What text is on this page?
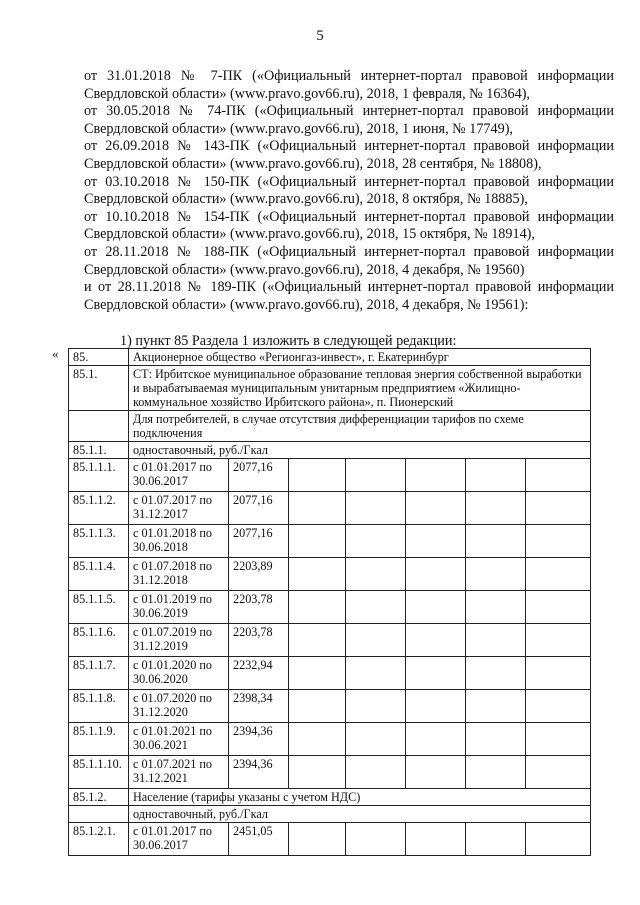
5

от 31.01.2018 № 7-ПК («Официальный интернет-портал правовой информации Свердловской области» (www.pravo.gov66.ru), 2018, 1 февраля, № 16364),

от 30.05.2018 № 74-ПК («Официальный интернет-портал правовой информации Свердловской области» (www.pravo.gov66.ru), 2018, 1 июня, № 17749),

от 26.09.2018 № 143-ПК («Официальный интернет-портал правовой информации Свердловской области» (www.pravo.gov66.ru), 2018, 28 сентября, № 18808),

от 03.10.2018 № 150-ПК («Официальный интернет-портал правовой информации Свердловской области» (www.pravo.gov66.ru), 2018, 8 октября, № 18885),

от 10.10.2018 № 154-ПК («Официальный интернет-портал правовой информации Свердловской области» (www.pravo.gov66.ru), 2018, 15 октября, № 18914),

от 28.11.2018 № 188-ПК («Официальный интернет-портал правовой информации Свердловской области» (www.pravo.gov66.ru), 2018, 4 декабря, № 19560)

и от 28.11.2018 № 189-ПК («Официальный интернет-портал правовой информации Свердловской области» (www.pravo.gov66.ru), 2018, 4 декабря, № 19561):

1) пункт 85 Раздела 1 изложить в следующей редакции:
« 85.	Акционерное общество «Регионгаз-инвест», г. Екатеринбург						
85.1.	СТ: Ирбитское муниципальное образование тепловая энергия собственной выработки и вырабатываемая муниципальным унитарным предприятием «Жилищно-коммунальное хозяйство Ирбитского района», п. Пионерский						
	Для потребителей, в случае отсутствия дифференциации тарифов по схеме подключения						
85.1.1.	одноставочный, руб./Гкал						
85.1.1.1.	с 01.01.2017 по 30.06.2017	2077,16					
85.1.1.2.	с 01.07.2017 по 31.12.2017	2077,16					
85.1.1.3.	с 01.01.2018 по 30.06.2018	2077,16					
85.1.1.4.	с 01.07.2018 по 31.12.2018	2203,89					
85.1.1.5.	с 01.01.2019 по 30.06.2019	2203,78					
85.1.1.6.	с 01.07.2019 по 31.12.2019	2203,78					
85.1.1.7.	с 01.01.2020 по 30.06.2020	2232,94					
85.1.1.8.	с 01.07.2020 по 31.12.2020	2398,34					
85.1.1.9.	с 01.01.2021 по 30.06.2021	2394,36					
85.1.1.10.	с 01.07.2021 по 31.12.2021	2394,36					
85.1.2.	Население (тарифы указаны с учетом НДС)						
	одноставочный, руб./Гкал						
85.1.2.1.	с 01.01.2017 по 30.06.2017	2451,05					
